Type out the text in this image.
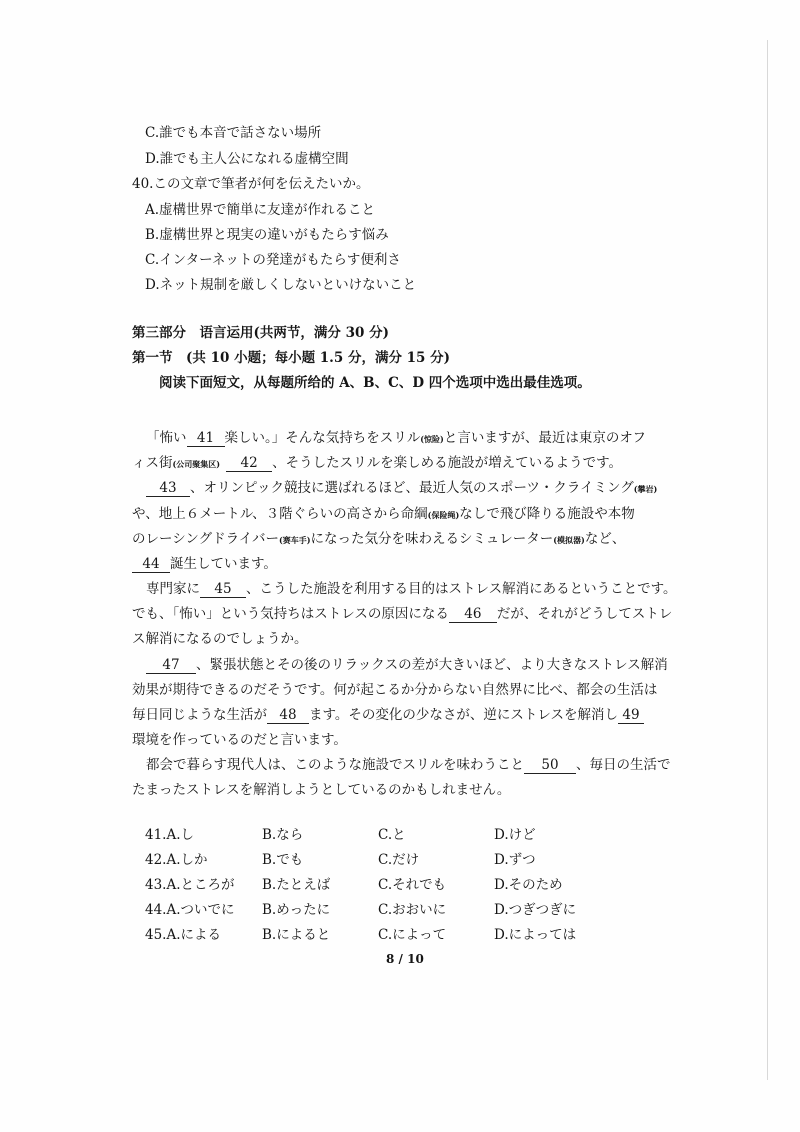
C.誰でも本音で話さない場所
D.誰でも主人公になれる虚構空間
40.この文章で筆者が何を伝えたいか。
A.虚構世界で簡単に友達が作れること
B.虚構世界と現実の違いがもたらす悩み
C.インターネットの発達がもたらす便利さ
D.ネット規制を厳しくしないといけないこと
第三部分　语言运用(共两节，满分 30 分)
第一节　(共 10 小题；每小题 1.5 分，满分 15 分)
阅读下面短文，从每题所给的 A、B、C、D 四个选项中选出最佳选项。
「怖い 41 楽しい。」そんな気持ちをスリル(惊险)と言いますが、最近は東京のオフ
ィス街(公司聚集区) 42 、そうしたスリルを楽しめる施設が増えているようです。
43 、オリンピック競技に選ばれるほど、最近人気のスポーツ・クライミング(攀岩)
や、地上６メートル、３階ぐらいの高さから命綱(保险绳)なしで飛び降りる施設や本物
のレーシングドライバー(赛车手)になった気分を味わえるシミュレーター(模拟器)など、
44 誕生しています。
専門家に 45 、こうした施設を利用する目的はストレス解消にあるということです。
でも、「怖い」という気持ちはストレスの原因になる 46 だが、それがどうしてストレ
ス解消になるのでしょうか。
47 、緊張状態とその後のリラックスの差が大きいほど、より大きなストレス解消
効果が期待できるのだそうです。何が起こるか分からない自然界に比べ、都会の生活は
毎日同じような生活が 48 ます。その変化の少なさが、逆にストレスを解消し 49
環境を作っているのだと言います。
都会で暮らす現代人は、このような施設でスリルを味わうこと 50 、毎日の生活で
たまったストレスを解消しようとしているのかもしれません。
41.A.し	B.なら	C.と	D.けど
42.A.しか	B.でも	C.だけ	D.ずつ
43.A.ところが B.たとえば	C.それでも	D.そのため
44.A.ついでに B.めったに	C.おおいに	D.つぎつぎに
45.A.による	B.によると	C.によって	D.によっては
8 / 10
